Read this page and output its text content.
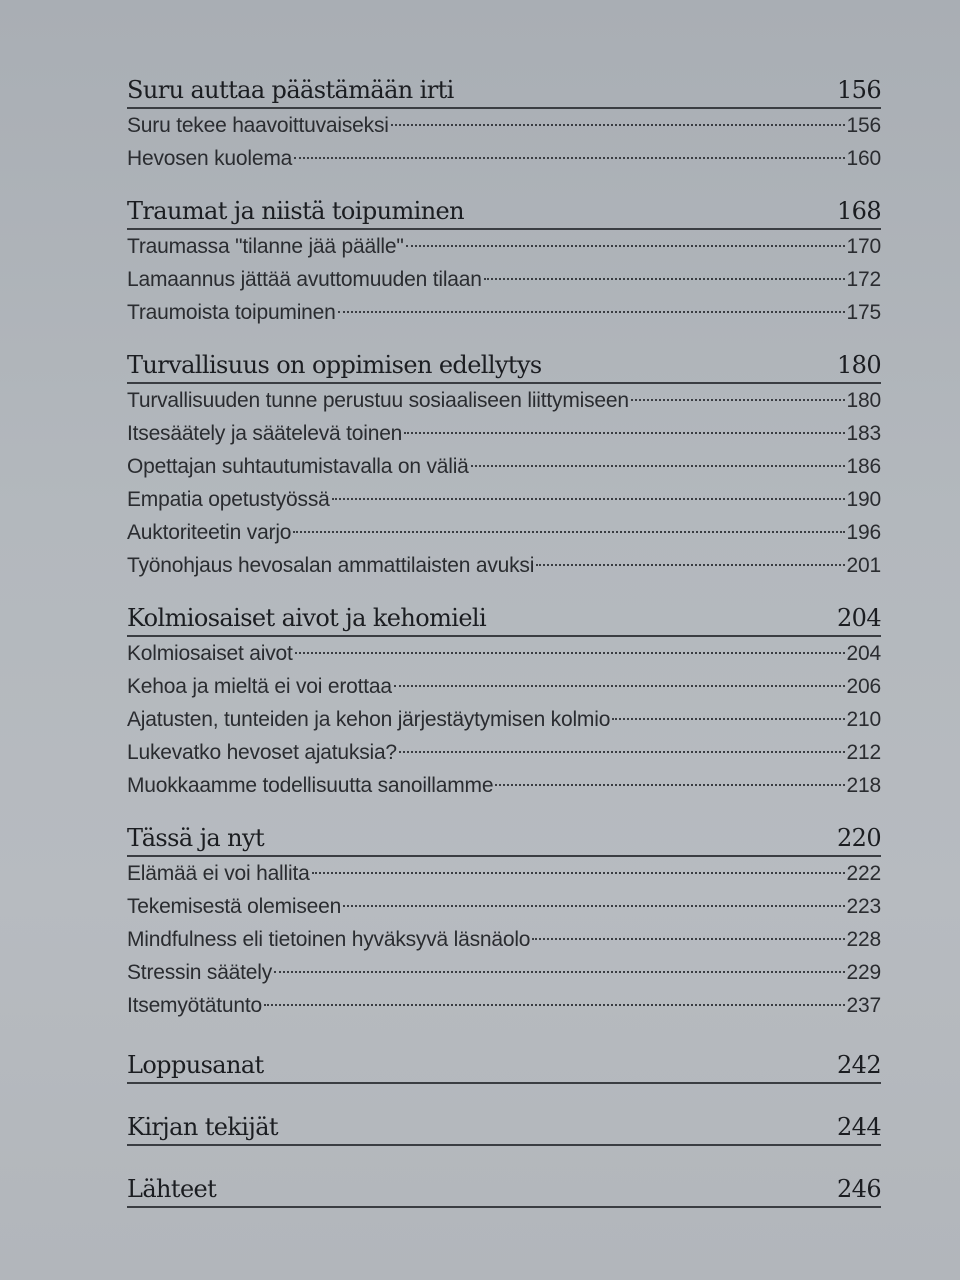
Suru auttaa päästämään irti	156
Suru tekee haavoittuvaiseksi	156
Hevosen kuolema	160
Traumat ja niistä toipuminen	168
Traumassa "tilanne jää päälle"	170
Lamaannus jättää avuttomuuden tilaan	172
Traumoista toipuminen	175
Turvallisuus on oppimisen edellytys	180
Turvallisuuden tunne perustuu sosiaaliseen liittymiseen	180
Itsesäätely ja säätelevä toinen	183
Opettajan suhtautumistavalla on väliä	186
Empatia opetustyössä	190
Auktoriteetin varjo	196
Työnohjaus hevosalan ammattilaisten avuksi	201
Kolmiosaiset aivot ja kehomieli	204
Kolmiosaiset aivot	204
Kehoa ja mieltä ei voi erottaa	206
Ajatusten, tunteiden ja kehon järjestäytymisen kolmio	210
Lukevatko hevoset ajatuksia?	212
Muokkaamme todellisuutta sanoillamme	218
Tässä ja nyt	220
Elämää ei voi hallita	222
Tekemisestä olemiseen	223
Mindfulness eli tietoinen hyväksyvä läsnäolo	228
Stressin säätely	229
Itsemyötätunto	237
Loppusanat	242
Kirjan tekijät	244
Lähteet	246
